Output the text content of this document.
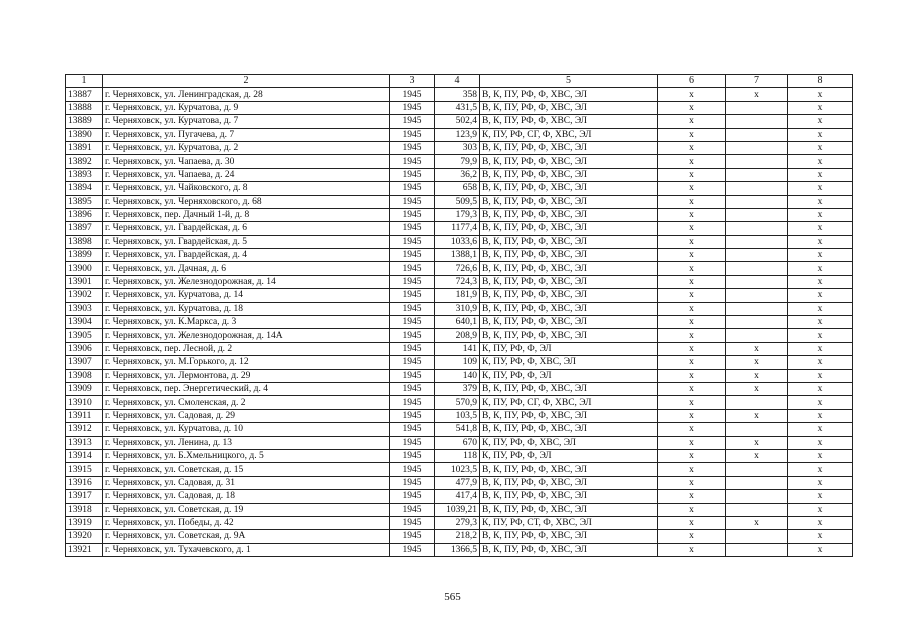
1	2	3	4	5	6	7	8
13887	г. Черняховск, ул. Ленинградская, д. 28	1945	358	В, К, ПУ, РФ, Ф, ХВС, ЭЛ	x	x	x
13888	г. Черняховск, ул. Курчатова, д. 9	1945	431,5	В, К, ПУ, РФ, Ф, ХВС, ЭЛ	x		x
13889	г. Черняховск, ул. Курчатова, д. 7	1945	502,4	В, К, ПУ, РФ, Ф, ХВС, ЭЛ	x		x
13890	г. Черняховск, ул. Пугачева, д. 7	1945	123,9	К, ПУ, РФ, СГ, Ф, ХВС, ЭЛ	x		x
13891	г. Черняховск, ул. Курчатова, д. 2	1945	303	В, К, ПУ, РФ, Ф, ХВС, ЭЛ	x		x
13892	г. Черняховск, ул. Чапаева, д. 30	1945	79,9	В, К, ПУ, РФ, Ф, ХВС, ЭЛ	x		x
13893	г. Черняховск, ул. Чапаева, д. 24	1945	36,2	В, К, ПУ, РФ, Ф, ХВС, ЭЛ	x		x
13894	г. Черняховск, ул. Чайковского, д. 8	1945	658	В, К, ПУ, РФ, Ф, ХВС, ЭЛ	x		x
13895	г. Черняховск, ул. Черняховского, д. 68	1945	509,5	В, К, ПУ, РФ, Ф, ХВС, ЭЛ	x		x
13896	г. Черняховск, пер. Дачный 1-й, д. 8	1945	179,3	В, К, ПУ, РФ, Ф, ХВС, ЭЛ	x		x
13897	г. Черняховск, ул. Гвардейская, д. 6	1945	1177,4	В, К, ПУ, РФ, Ф, ХВС, ЭЛ	x		x
13898	г. Черняховск, ул. Гвардейская, д. 5	1945	1033,6	В, К, ПУ, РФ, Ф, ХВС, ЭЛ	x		x
13899	г. Черняховск, ул. Гвардейская, д. 4	1945	1388,1	В, К, ПУ, РФ, Ф, ХВС, ЭЛ	x		x
13900	г. Черняховск, ул. Дачная, д. 6	1945	726,6	В, К, ПУ, РФ, Ф, ХВС, ЭЛ	x		x
13901	г. Черняховск, ул. Железнодорожная, д. 14	1945	724,3	В, К, ПУ, РФ, Ф, ХВС, ЭЛ	x		x
13902	г. Черняховск, ул. Курчатова, д. 14	1945	181,9	В, К, ПУ, РФ, Ф, ХВС, ЭЛ	x		x
13903	г. Черняховск, ул. Курчатова, д. 18	1945	310,9	В, К, ПУ, РФ, Ф, ХВС, ЭЛ	x		x
13904	г. Черняховск, ул. К.Маркса, д. 3	1945	640,1	В, К, ПУ, РФ, Ф, ХВС, ЭЛ	x		x
13905	г. Черняховск, ул. Железнодорожная, д. 14А	1945	208,9	В, К, ПУ, РФ, Ф, ХВС, ЭЛ	x		x
13906	г. Черняховск, пер. Лесной, д. 2	1945	141	К, ПУ, РФ, Ф, ЭЛ	x	x	x
13907	г. Черняховск, ул. М.Горького, д. 12	1945	109	К, ПУ, РФ, Ф, ХВС, ЭЛ	x	x	x
13908	г. Черняховск, ул. Лермонтова, д. 29	1945	140	К, ПУ, РФ, Ф, ЭЛ	x	x	x
13909	г. Черняховск, пер. Энергетический, д. 4	1945	379	В, К, ПУ, РФ, Ф, ХВС, ЭЛ	x	x	x
13910	г. Черняховск, ул. Смоленская, д. 2	1945	570,9	К, ПУ, РФ, СГ, Ф, ХВС, ЭЛ	x		x
13911	г. Черняховск, ул. Садовая, д. 29	1945	103,5	В, К, ПУ, РФ, Ф, ХВС, ЭЛ	x	x	x
13912	г. Черняховск, ул. Курчатова, д. 10	1945	541,8	В, К, ПУ, РФ, Ф, ХВС, ЭЛ	x		x
13913	г. Черняховск, ул. Ленина, д. 13	1945	670	К, ПУ, РФ, Ф, ХВС, ЭЛ	x	x	x
13914	г. Черняховск, ул. Б.Хмельницкого, д. 5	1945	118	К, ПУ, РФ, Ф, ЭЛ	x	x	x
13915	г. Черняховск, ул. Советская, д. 15	1945	1023,5	В, К, ПУ, РФ, Ф, ХВС, ЭЛ	x		x
13916	г. Черняховск, ул. Садовая, д. 31	1945	477,9	В, К, ПУ, РФ, Ф, ХВС, ЭЛ	x		x
13917	г. Черняховск, ул. Садовая, д. 18	1945	417,4	В, К, ПУ, РФ, Ф, ХВС, ЭЛ	x		x
13918	г. Черняховск, ул. Советская, д. 19	1945	1039,21	В, К, ПУ, РФ, Ф, ХВС, ЭЛ	x		x
13919	г. Черняховск, ул. Победы, д. 42	1945	279,3	К, ПУ, РФ, СТ, Ф, ХВС, ЭЛ	x	x	x
13920	г. Черняховск, ул. Советская, д. 9А	1945	218,2	В, К, ПУ, РФ, Ф, ХВС, ЭЛ	x		x
13921	г. Черняховск, ул. Тухачевского, д. 1	1945	1366,5	В, К, ПУ, РФ, Ф, ХВС, ЭЛ	x		x
565
